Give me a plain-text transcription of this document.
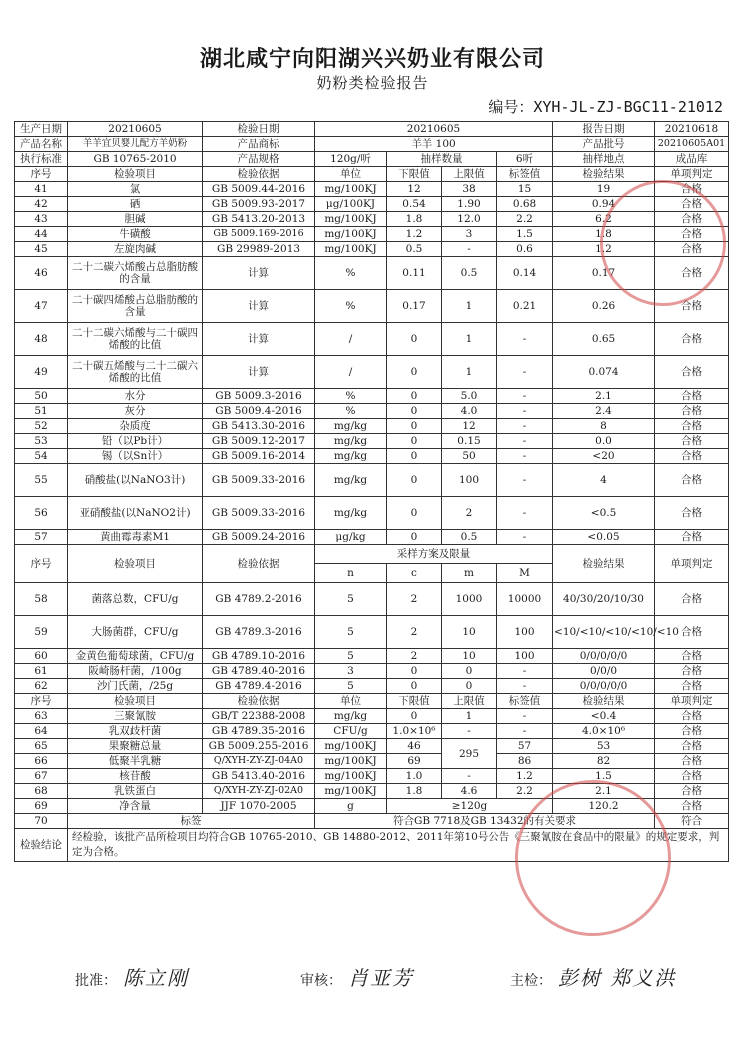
湖北咸宁向阳湖兴兴奶业有限公司
奶粉类检验报告
编号：XYH-JL-ZJ-BGC11-21012
生产日期	20210605	检验日期	20210605				报告日期	20210618
产品名称	羊羊宜贝婴儿配方羊奶粉	产品商标	羊羊 100				产品批号	20210605A01
执行标准	GB 10765-2010	产品规格	120g/听	抽样数量		6听	抽样地点	成品库
序号	检验项目	检验依据	单位	下限值	上限值	标签值	检验结果	单项判定
41	氯	GB 5009.44-2016	mg/100KJ	12	38	15	19	合格
42	硒	GB 5009.93-2017	μg/100KJ	0.54	1.90	0.68	0.94	合格
43	胆碱	GB 5413.20-2013	mg/100KJ	1.8	12.0	2.2	6.2	合格
44	牛磺酸	GB 5009.169-2016	mg/100KJ	1.2	3	1.5	1.8	合格
45	左旋肉碱	GB 29989-2013	mg/100KJ	0.5	-	0.6	1.2	合格
46	二十二碳六烯酸占总脂肪酸的含量	计算	%	0.11	0.5	0.14	0.17	合格
47	二十碳四烯酸占总脂肪酸的含量	计算	%	0.17	1	0.21	0.26	合格
48	二十二碳六烯酸与二十碳四烯酸的比值	计算	/	0	1	-	0.65	合格
49	二十碳五烯酸与二十二碳六烯酸的比值	计算	/	0	1	-	0.074	合格
50	水分	GB 5009.3-2016	%	0	5.0	-	2.1	合格
51	灰分	GB 5009.4-2016	%	0	4.0	-	2.4	合格
52	杂质度	GB 5413.30-2016	mg/kg	0	12	-	8	合格
53	铅（以Pb计）	GB 5009.12-2017	mg/kg	0	0.15	-	0.0	合格
54	锡（以Sn计）	GB 5009.16-2014	mg/kg	0	50	-	<20	合格
55	硝酸盐(以NaNO3计)	GB 5009.33-2016	mg/kg	0	100	-	4	合格
56	亚硝酸盐(以NaNO2计)	GB 5009.33-2016	mg/kg	0	2	-	<0.5	合格
57	黄曲霉毒素M1	GB 5009.24-2016	μg/kg	0	0.5	-	<0.05	合格
序号	检验项目	检验依据	采样方案及限量				检验结果	单项判定
			n	c	m	M		
58	菌落总数，CFU/g	GB 4789.2-2016	5	2	1000	10000	40/30/20/10/30	合格
59	大肠菌群，CFU/g	GB 4789.3-2016	5	2	10	100	<10/<10/<10/<10/<10	合格
60	金黄色葡萄球菌，CFU/g	GB 4789.10-2016	5	2	10	100	0/0/0/0/0	合格
61	阪崎肠杆菌，/100g	GB 4789.40-2016	3	0	0	-	0/0/0	合格
62	沙门氏菌，/25g	GB 4789.4-2016	5	0	0	-	0/0/0/0/0	合格
序号	检验项目	检验依据	单位	下限值	上限值	标签值	检验结果	单项判定
63	三聚氰胺	GB/T 22388-2008	mg/kg	0	1	-	<0.4	合格
64	乳双歧杆菌	GB 4789.35-2016	CFU/g	1.0×10⁶	-	-	4.0×10⁶	合格
65	果聚糖总量	GB 5009.255-2016	mg/100KJ	46	295	57	53	合格
66	低聚半乳糖	Q/XYH-ZY-ZJ-04A0	mg/100KJ	69		86	82	合格
67	核苷酸	GB 5413.40-2016	mg/100KJ	1.0	-	1.2	1.5	合格
68	乳铁蛋白	Q/XYH-ZY-ZJ-02A0	mg/100KJ	1.8	4.6	2.2	2.1	合格
69	净含量	JJF 1070-2005	g	≥120g			120.2	合格
70	标签		符合GB 7718及GB 13432的有关要求					符合
检验结论	经检验，该批产品所检项目均符合GB 10765-2010、GB 14880-2012、2011年第10号公告《三聚氰胺在食品中的限量》的规定要求，判定为合格。							
批准： 陈立刚	审核： 肖亚芳	主检： 彭树 郑义洪
